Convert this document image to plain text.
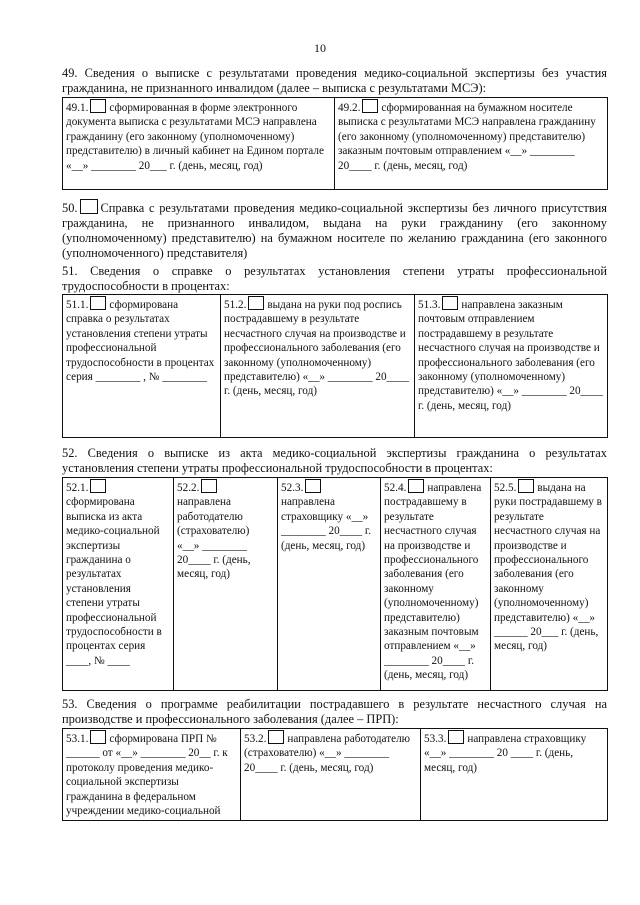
10
49. Сведения о выписке с результатами проведения медико-социальной экспертизы без участия гражданина, не признанного инвалидом (далее – выписка с результатами МСЭ):
49.1. сформированная в форме электронного документа выписка с результатами МСЭ направлена гражданину (его законному (уполномоченному) представителю) в личный кабинет на Едином портале «__» ________ 20___ г. (день, месяц, год)	49.2. сформированная на бумажном носителе выписка с результатами МСЭ направлена гражданину (его законному (уполномоченному) представителю) заказным почтовым отправлением «__» ________ 20____ г. (день, месяц, год)
50. Справка с результатами проведения медико-социальной экспертизы без личного присутствия гражданина, не признанного инвалидом, выдана на руки гражданину (его законному (уполномоченному) представителю) на бумажном носителе по желанию гражданина (его законного (уполномоченного) представителя)
51. Сведения о справке о результатах установления степени утраты профессиональной трудоспособности в процентах:
51.1. сформирована справка о результатах установления степени утраты профессиональной трудоспособности в процентах серия ________ , № ________	51.2. выдана на руки под роспись пострадавшему в результате несчастного случая на производстве и профессионального заболевания (его законному (уполномоченному) представителю) «__» ________ 20____ г. (день, месяц, год)	51.3. направлена заказным почтовым отправлением пострадавшему в результате несчастного случая на производстве и профессионального заболевания (его законному (уполномоченному) представителю) «__» ________ 20____ г. (день, месяц, год)
52. Сведения о выписке из акта медико-социальной экспертизы гражданина о результатах установления степени утраты профессиональной трудоспособности в процентах:
52.1.сформирована выписка из акта медико-социальной экспертизы гражданина о результатах установления степени утраты профессиональной трудоспособности в процентах серия ____, № ____	52.2.направлена работодателю (страхователю) «__» ________ 20____ г. (день, месяц, год)	52.3.направлена страховщику «__» ________ 20____ г. (день, месяц, год)	52.4. направлена пострадавшему в результате несчастного случая на производстве и профессионального заболевания (его законному (уполномоченному) представителю) заказным почтовым отправлением «__» ________ 20____ г. (день, месяц, год)	52.5. выдана на руки пострадавшему в результате несчастного случая на производстве и профессионального заболевания (его законному (уполномоченному) представителю) «__» ______ 20___ г. (день, месяц, год)
53. Сведения о программе реабилитации пострадавшего в результате несчастного случая на производстве и профессионального заболевания (далее – ПРП):
53.1. сформирована ПРП № ______ от «__» ________ 20__ г. к протоколу проведения медико-социальной экспертизы гражданина в федеральном учреждении медико-социальной	53.2. направлена работодателю (страхователю) «__» ________ 20____ г. (день, месяц, год)	53.3. направлена страховщику «__» ________ 20 ____ г. (день, месяц, год)
